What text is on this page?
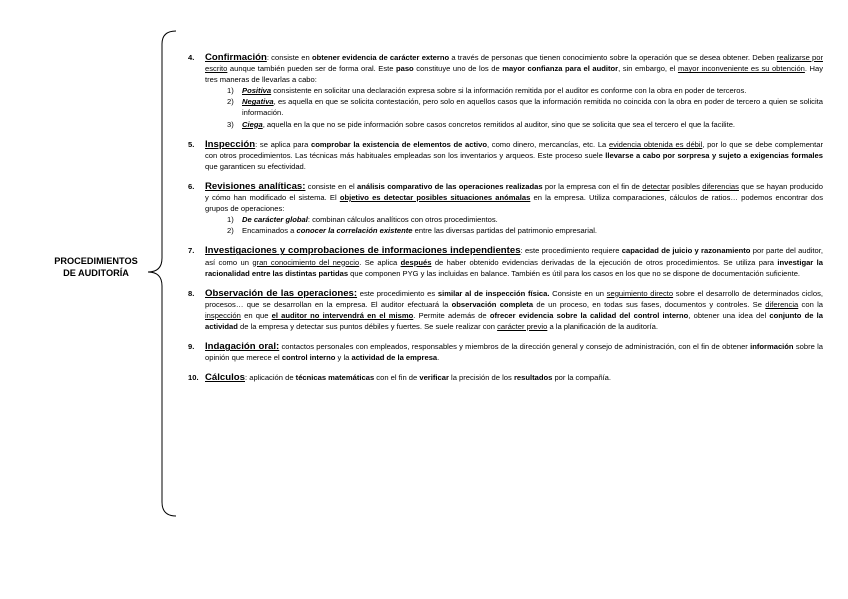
PROCEDIMIENTOS
DE AUDITORÍA
4. Confirmación: consiste en obtener evidencia de carácter externo a través de personas que tienen conocimiento sobre la operación que se desea obtener. Deben realizarse por escrito aunque también pueden ser de forma oral. Este paso constituye uno de los de mayor confianza para el auditor, sin embargo, el mayor inconveniente es su obtención. Hay tres maneras de llevarlas a cabo:
1) Positiva consistente en solicitar una declaración expresa sobre si la información remitida por el auditor es conforme con la obra en poder de terceros.
2) Negativa, es aquella en que se solicita contestación, pero solo en aquellos casos que la información remitida no coincida con la obra en poder de tercero a quien se solicita información.
3) Ciega, aquella en la que no se pide información sobre casos concretos remitidos al auditor, sino que se solicita que sea el tercero el que la facilite.
5. Inspección: se aplica para comprobar la existencia de elementos de activo, como dinero, mercancías, etc. La evidencia obtenida es débil, por lo que se debe complementar con otros procedimientos. Las técnicas más habituales empleadas son los inventarios y arqueos. Este proceso suele llevarse a cabo por sorpresa y sujeto a exigencias formales que garanticen su efectividad.
6. Revisiones analíticas: consiste en el análisis comparativo de las operaciones realizadas por la empresa con el fin de detectar posibles diferencias que se hayan producido y cómo han modificado el sistema. El objetivo es detectar posibles situaciones anómalas en la empresa. Utiliza comparaciones, cálculos de ratios… podemos encontrar dos grupos de operaciones:
1) De carácter global: combinan cálculos analíticos con otros procedimientos.
2) Encaminados a conocer la correlación existente entre las diversas partidas del patrimonio empresarial.
7. Investigaciones y comprobaciones de informaciones independientes: este procedimiento requiere capacidad de juicio y razonamiento por parte del auditor, así como un gran conocimiento del negocio. Se aplica después de haber obtenido evidencias derivadas de la ejecución de otros procedimientos. Se utiliza para investigar la racionalidad entre las distintas partidas que componen PYG y las incluidas en balance. También es útil para los casos en los que no se dispone de documentación suficiente.
8. Observación de las operaciones: este procedimiento es similar al de inspección física. Consiste en un seguimiento directo sobre el desarrollo de determinados ciclos, procesos… que se desarrollan en la empresa. El auditor efectuará la observación completa de un proceso, en todas sus fases, documentos y controles. Se diferencia con la inspección en que el auditor no intervendrá en el mismo. Permite además de ofrecer evidencia sobre la calidad del control interno, obtener una idea del conjunto de la actividad de la empresa y detectar sus puntos débiles y fuertes. Se suele realizar con carácter previo a la planificación de la auditoría.
9. Indagación oral: contactos personales con empleados, responsables y miembros de la dirección general y consejo de administración, con el fin de obtener información sobre la opinión que merece el control interno y la actividad de la empresa.
10. Cálculos: aplicación de técnicas matemáticas con el fin de verificar la precisión de los resultados por la compañía.
